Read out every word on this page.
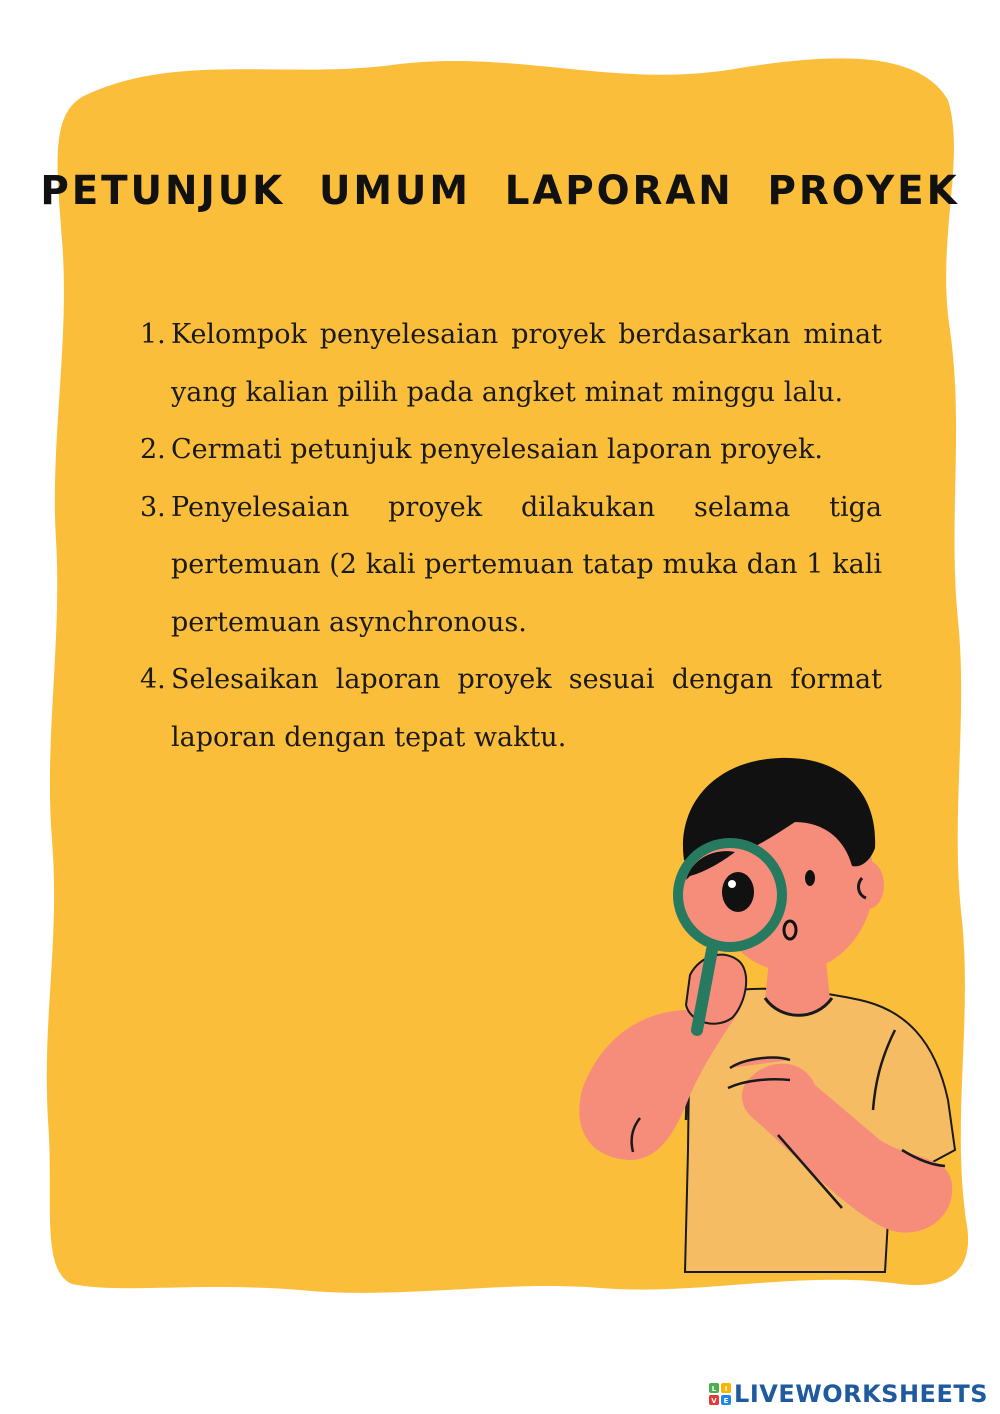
PETUNJUK UMUM LAPORAN PROYEK
1. Kelompok penyelesaian proyek berdasarkan minat yang kalian pilih pada angket minat minggu lalu.
2. Cermati petunjuk penyelesaian laporan proyek.
3. Penyelesaian proyek dilakukan selama tiga pertemuan (2 kali pertemuan tatap muka dan 1 kali pertemuan asynchronous.
4. Selesaikan laporan proyek sesuai dengan format laporan dengan tepat waktu.
L I
V E LIVEWORKSHEETS
